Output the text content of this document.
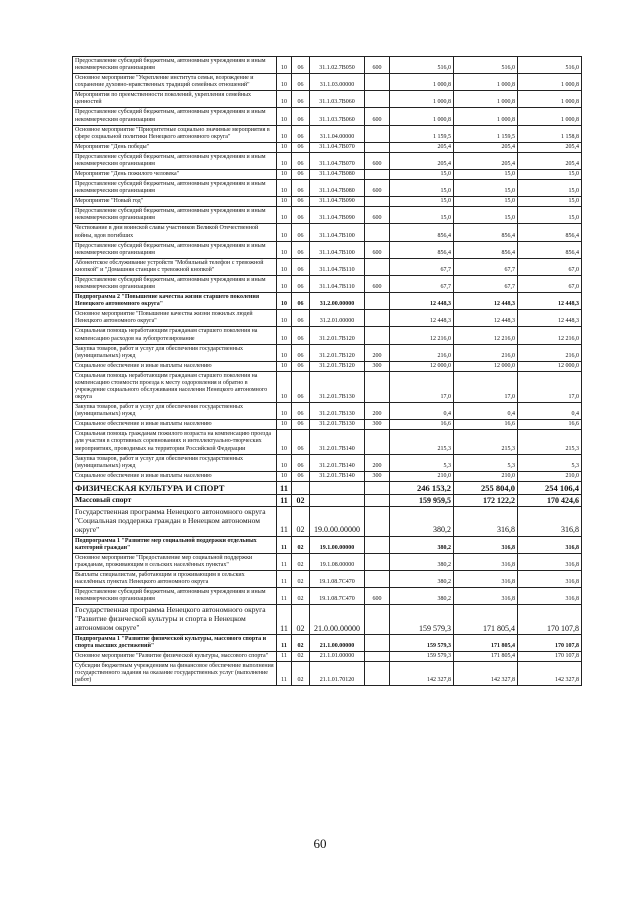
Предоставление субсидий бюджетным, автономным учреждениям и иным некоммерческим организациям	10	06	31.1.02.7В050	600	516,0	516,0	516,0
Основное мероприятие "Укрепление института семьи, возрождение и сохранение духовно-нравственных традиций семейных отношений"	10	06	31.1.03.00000		1 000,8	1 000,8	1 000,8
Мероприятия по преемственности поколений, укрепления семейных ценностей	10	06	31.1.03.7В060		1 000,8	1 000,8	1 000,8
Предоставление субсидий бюджетным, автономным учреждениям и иным некоммерческим организациям	10	06	31.1.03.7В060	600	1 000,8	1 000,8	1 000,8
Основное мероприятие "Приоритетные социально значимые мероприятия в сфере социальной политики Ненецкого автономного округа"	10	06	31.1.04.00000		1 159,5	1 159,5	1 158,8
Мероприятие "День победы"	10	06	31.1.04.7В070		205,4	205,4	205,4
Предоставление субсидий бюджетным, автономным учреждениям и иным некоммерческим организациям	10	06	31.1.04.7В070	600	205,4	205,4	205,4
Мероприятие "День пожилого человека"	10	06	31.1.04.7В080		15,0	15,0	15,0
Предоставление субсидий бюджетным, автономным учреждениям и иным некоммерческим организациям	10	06	31.1.04.7В080	600	15,0	15,0	15,0
Мероприятие "Новый год"	10	06	31.1.04.7В090		15,0	15,0	15,0
Предоставление субсидий бюджетным, автономным учреждениям и иным некоммерческим организациям	10	06	31.1.04.7В090	600	15,0	15,0	15,0
Чествование в дни воинской славы участников Великой Отечественной войны, вдов погибших	10	06	31.1.04.7В100		856,4	856,4	856,4
Предоставление субсидий бюджетным, автономным учреждениям и иным некоммерческим организациям	10	06	31.1.04.7В100	600	856,4	856,4	856,4
Абонентское обслуживание устройств "Мобильный телефон с тревожной кнопкой" и "Домашняя станция с тревожной кнопкой"	10	06	31.1.04.7В110		67,7	67,7	67,0
Предоставление субсидий бюджетным, автономным учреждениям и иным некоммерческим организациям	10	06	31.1.04.7В110	600	67,7	67,7	67,0
Подпрограмма 2 "Повышение качества жизни старшего поколения Ненецкого автономного округа"	10	06	31.2.00.00000		12 448,3	12 448,3	12 448,3
Основное мероприятие "Повышение качества жизни пожилых людей Ненецкого автономного округа"	10	06	31.2.01.00000		12 448,3	12 448,3	12 448,3
Социальная помощь неработающим гражданам старшего поколения на компенсацию расходов на зубопротезирование	10	06	31.2.01.7В120		12 216,0	12 216,0	12 216,0
Закупка товаров, работ и услуг для обеспечения государственных (муниципальных) нужд	10	06	31.2.01.7В120	200	216,0	216,0	216,0
Социальное обеспечение и иные выплаты населению	10	06	31.2.01.7В120	300	12 000,0	12 000,0	12 000,0
Социальная помощь неработающим гражданам старшего поколения на компенсацию стоимости проезда к месту оздоровления и обратно в учреждение социального обслуживания населения Ненецкого автономного округа	10	06	31.2.01.7В130		17,0	17,0	17,0
Закупка товаров, работ и услуг для обеспечения государственных (муниципальных) нужд	10	06	31.2.01.7В130	200	0,4	0,4	0,4
Социальное обеспечение и иные выплаты населению	10	06	31.2.01.7В130	300	16,6	16,6	16,6
Социальная помощь гражданам пожилого возраста на компенсацию проезда для участия в спортивных соревнованиях и интеллектуально-творческих мероприятиях, проводимых на территории Российской Федерации	10	06	31.2.01.7В140		215,3	215,3	215,3
Закупка товаров, работ и услуг для обеспечения государственных (муниципальных) нужд	10	06	31.2.01.7В140	200	5,3	5,3	5,3
Социальное обеспечение и иные выплаты населению	10	06	31.2.01.7В140	300	210,0	210,0	210,0
ФИЗИЧЕСКАЯ КУЛЬТУРА И СПОРТ	11				246 153,2	255 804,0	254 106,4
Массовый спорт	11	02			159 959,5	172 122,2	170 424,6
Государственная программа Ненецкого автономного округа "Социальная поддержка граждан в Ненецком автономном округе"	11	02	19.0.00.00000		380,2	316,8	316,8
Подпрограмма 1 "Развитие мер социальной поддержки отдельных категорий граждан"	11	02	19.1.00.00000		380,2	316,8	316,8
Основное мероприятие "Предоставление мер социальной поддержки гражданам, проживающим в сельских населённых пунктах"	11	02	19.1.08.00000		380,2	316,8	316,8
Выплаты специалистам, работающим и проживающим в сельских населённых пунктах Ненецкого автономного округа	11	02	19.1.08.7С470		380,2	316,8	316,8
Предоставление субсидий бюджетным, автономным учреждениям и иным некоммерческим организациям	11	02	19.1.08.7С470	600	380,2	316,8	316,8
Государственная программа Ненецкого автономного округа "Развитие физической культуры и спорта в Ненецком автономном округе"	11	02	21.0.00.00000		159 579,3	171 805,4	170 107,8
Подпрограмма 1 "Развитие физической культуры, массового спорта и спорта высших достижений"	11	02	21.1.00.00000		159 579,3	171 805,4	170 107,8
Основное мероприятие "Развитие физической культуры, массового спорта"	11	02	21.1.01.00000		159 579,3	171 805,4	170 107,8
Субсидии бюджетным учреждениям на финансовое обеспечение выполнения государственного задания на оказание государственных услуг (выполнение работ)	11	02	21.1.01.70120		142 327,8	142 327,8	142 327,8
60
